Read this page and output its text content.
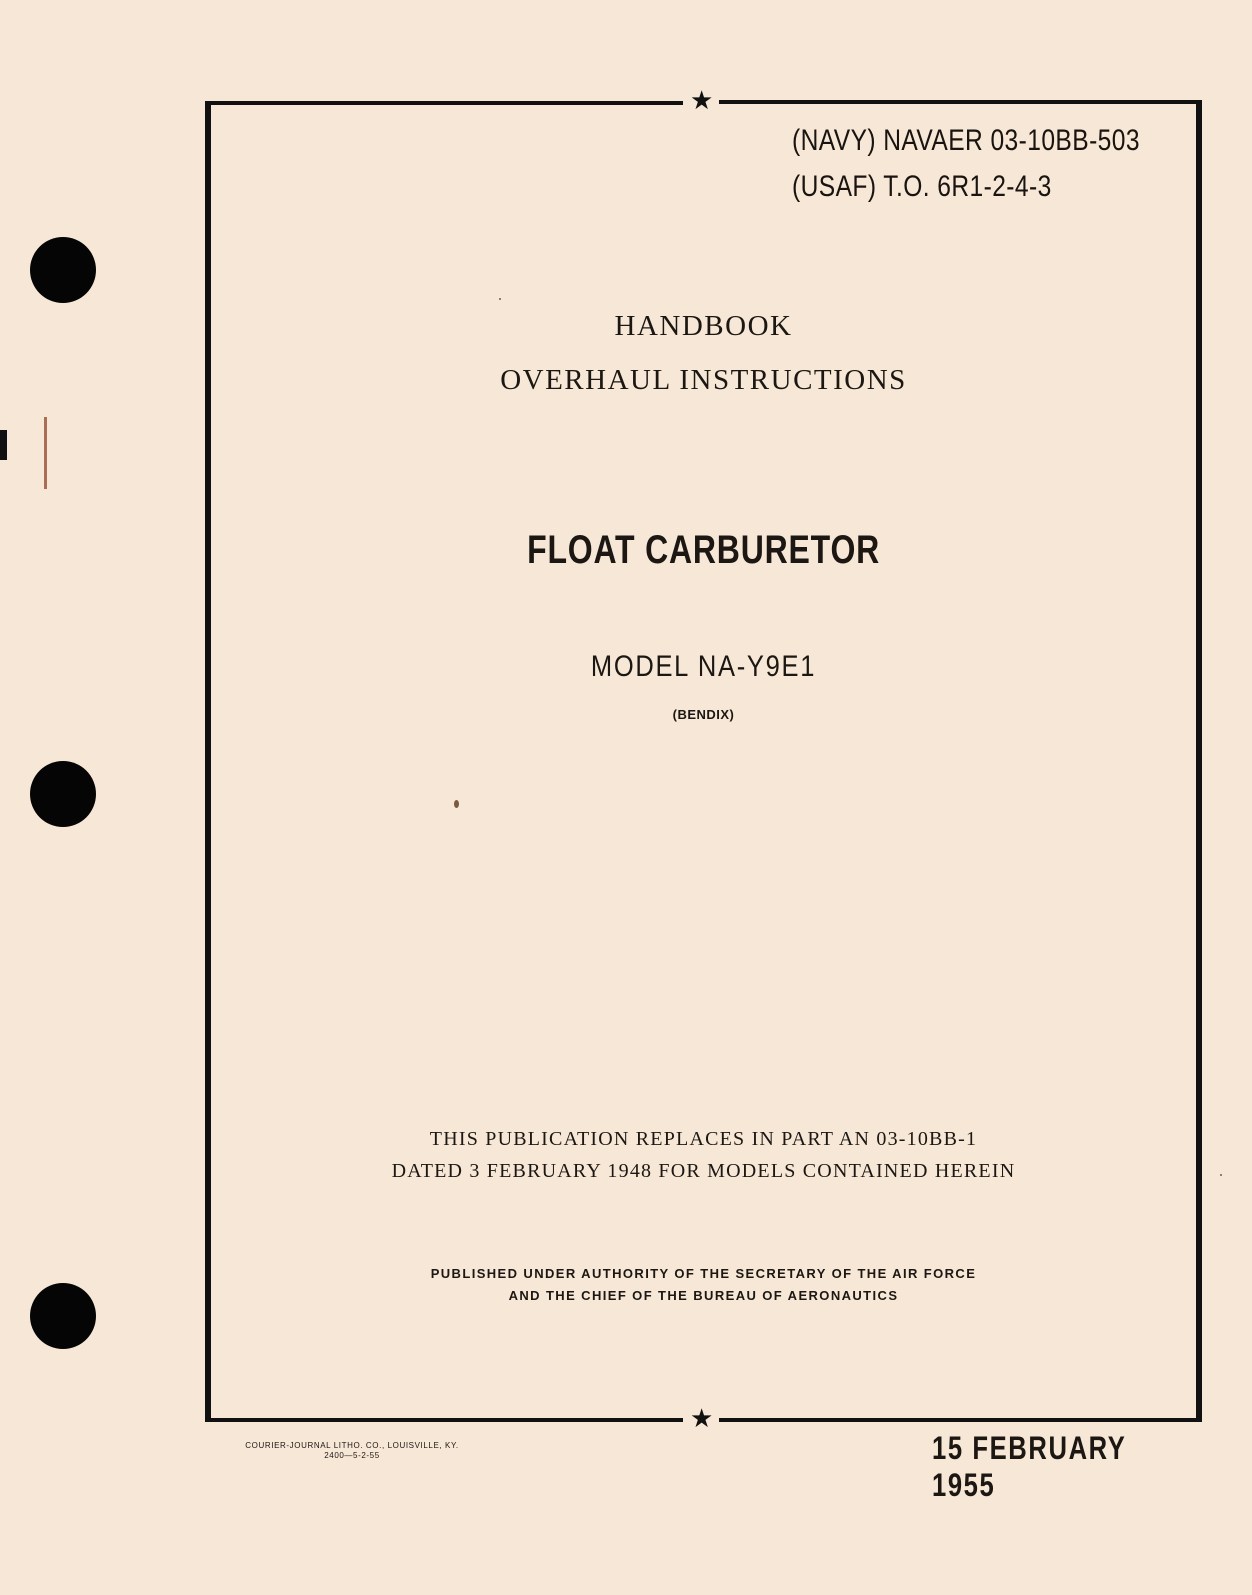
★
★
(NAVY) NAVAER 03-10BB-503
(USAF) T.O. 6R1-2-4-3
HANDBOOK
OVERHAUL INSTRUCTIONS
FLOAT CARBURETOR
MODEL NA-Y9E1
(BENDIX)
THIS PUBLICATION REPLACES IN PART AN 03-10BB-1
DATED 3 FEBRUARY 1948 FOR MODELS CONTAINED HEREIN
PUBLISHED UNDER AUTHORITY OF THE SECRETARY OF THE AIR FORCE
AND THE CHIEF OF THE BUREAU OF AERONAUTICS
COURIER-JOURNAL LITHO. CO., LOUISVILLE, KY.
2400—5-2-55	15 FEBRUARY 1955
